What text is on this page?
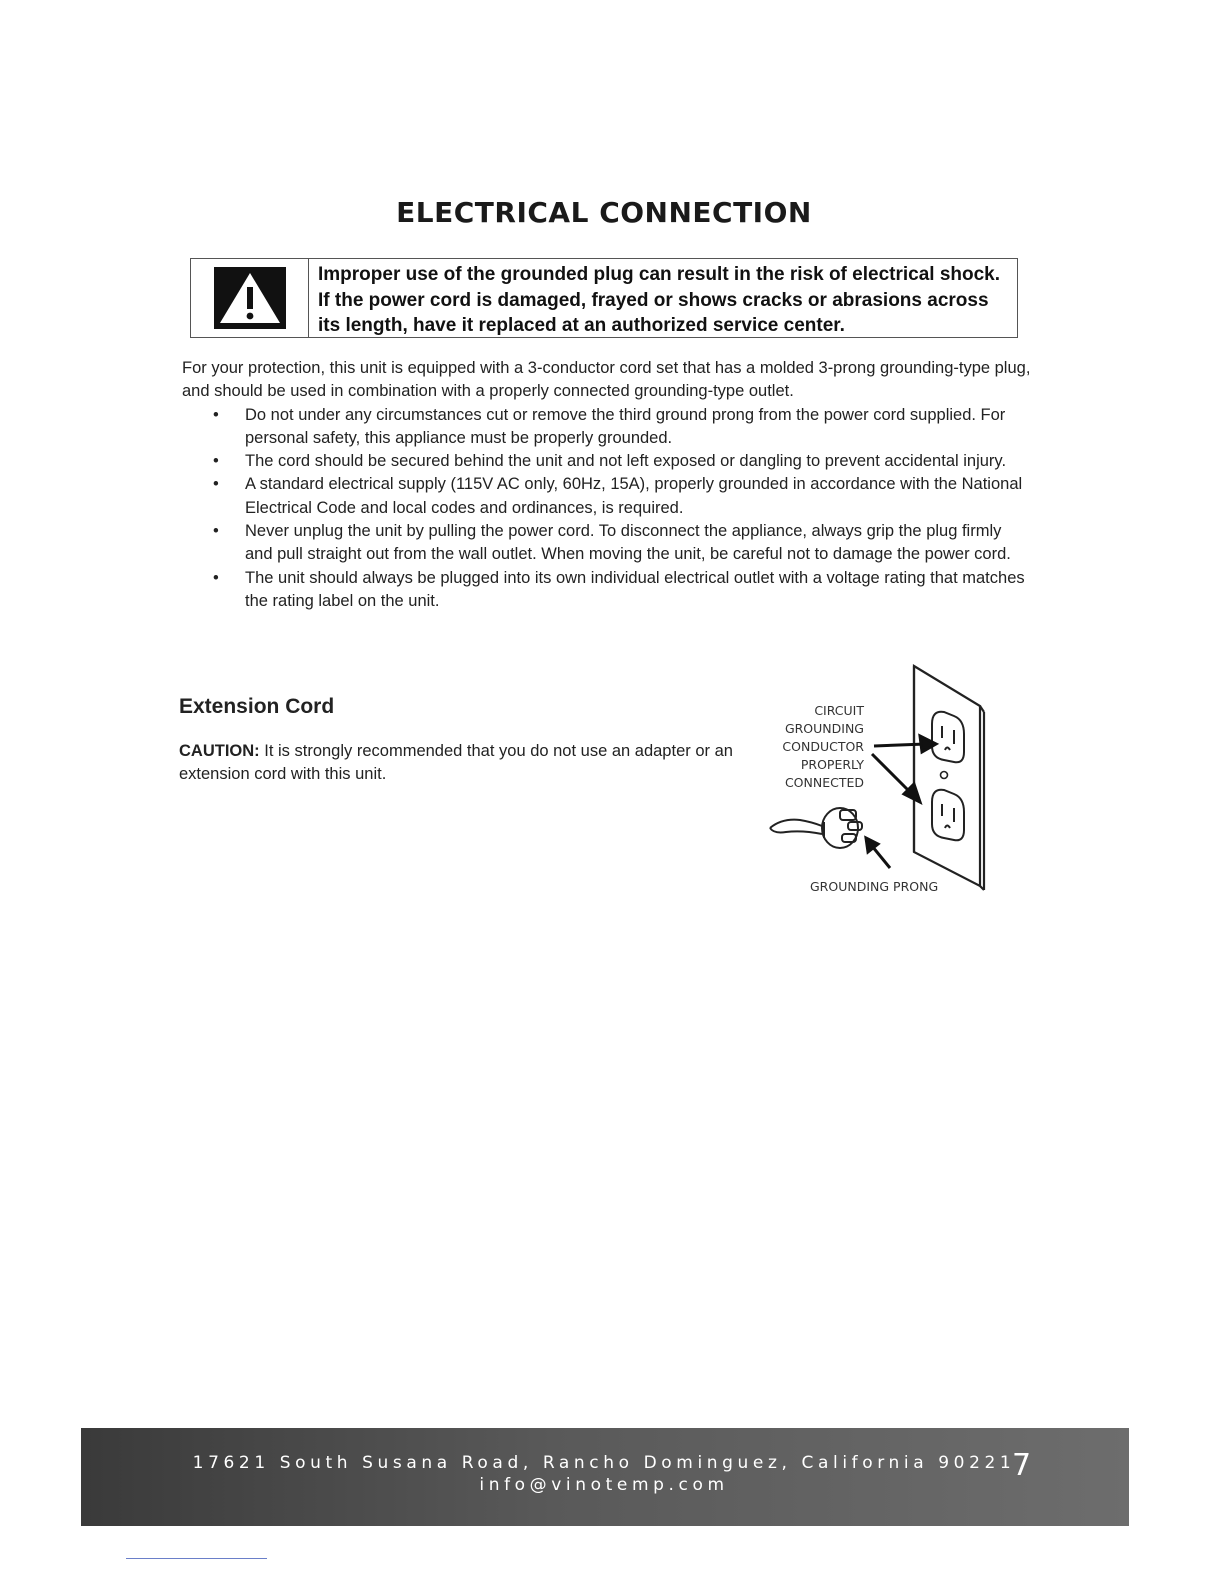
ELECTRICAL CONNECTION
Improper use of the grounded plug can result in the risk of electrical shock.
If the power cord is damaged, frayed or shows cracks or abrasions across
its length, have it replaced at an authorized service center.

For your protection, this unit is equipped with a 3-conductor cord set that has a molded 3-prong grounding-type plug, and should be used in combination with a properly connected grounding-type outlet.

• Do not under any circumstances cut or remove the third ground prong from the power cord supplied. For personal safety, this appliance must be properly grounded.
• The cord should be secured behind the unit and not left exposed or dangling to prevent accidental injury.
• A standard electrical supply (115V AC only, 60Hz, 15A), properly grounded in accordance with the National Electrical Code and local codes and ordinances, is required.
• Never unplug the unit by pulling the power cord. To disconnect the appliance, always grip the plug firmly and pull straight out from the wall outlet. When moving the unit, be careful not to damage the power cord.
• The unit should always be plugged into its own individual electrical outlet with a voltage rating that matches the rating label on the unit.
Extension Cord
CAUTION: It is strongly recommended that you do not use an adapter or an extension cord with this unit.
CIRCUIT
GROUNDING
CONDUCTOR
PROPERLY
CONNECTED
GROUNDING PRONG
17621 South Susana Road, Rancho Dominguez, California 90221
info@vinotemp.com
7
